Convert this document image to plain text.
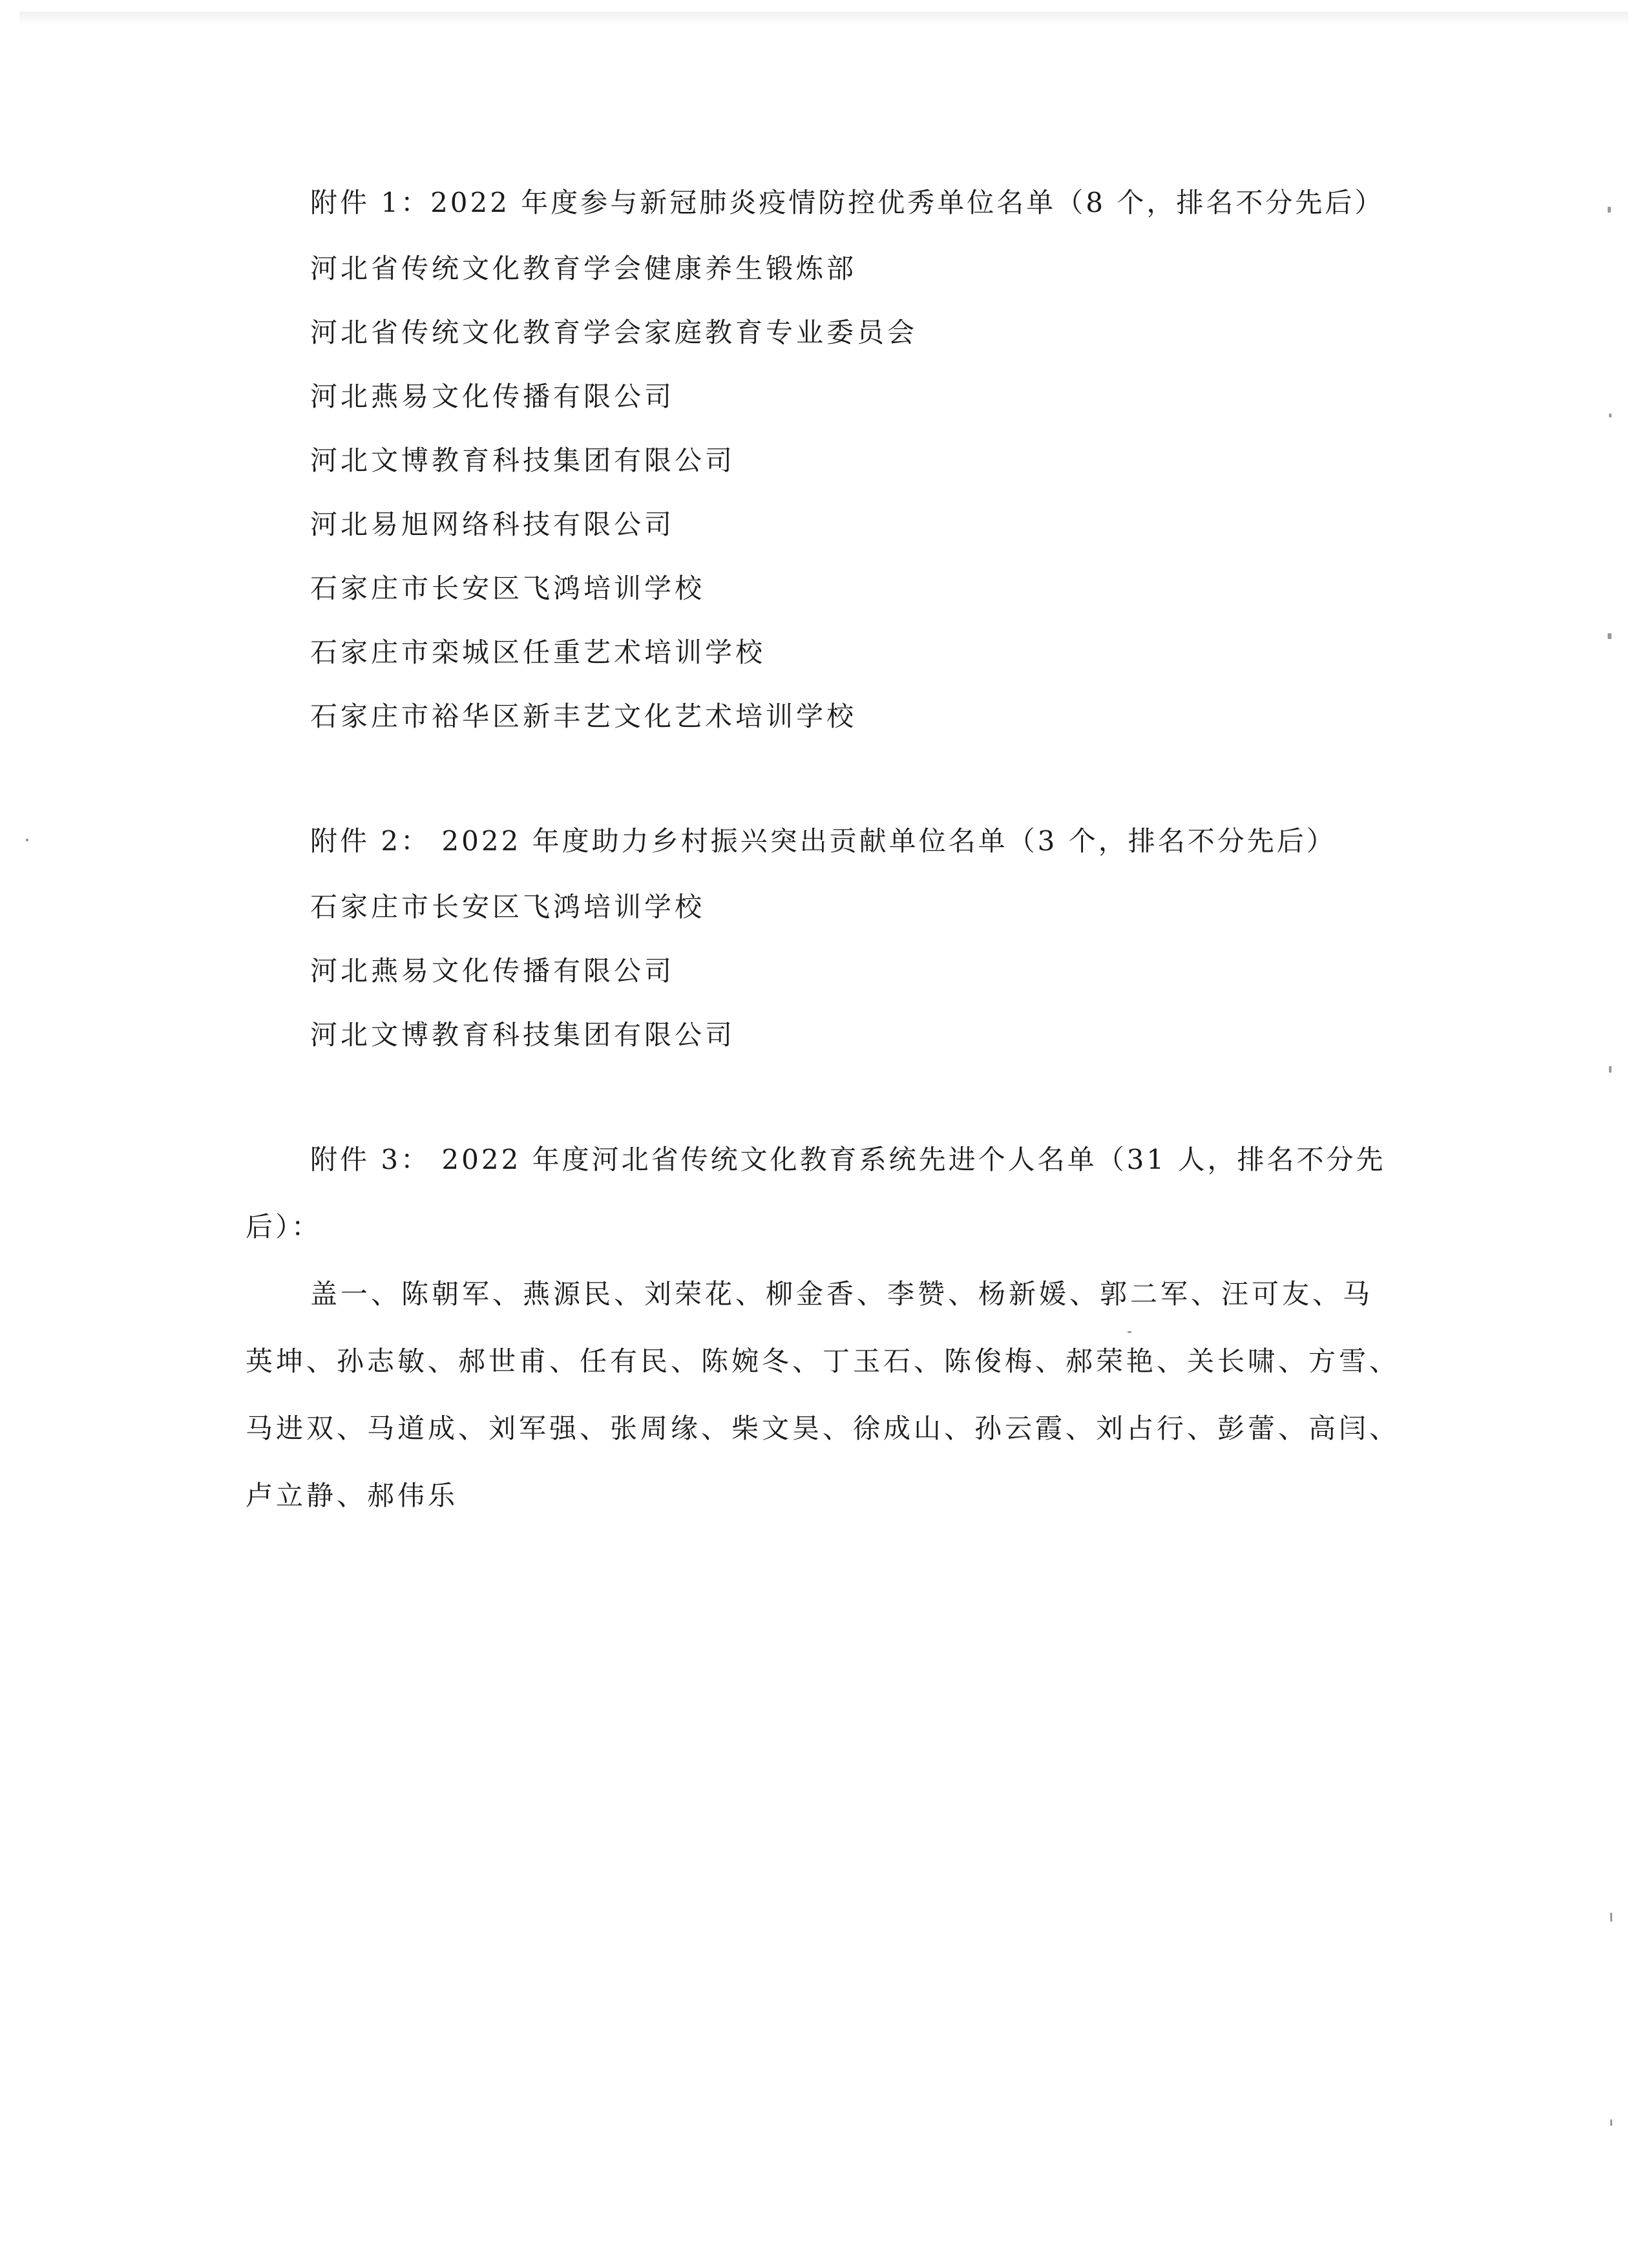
附件 1：2022 年度参与新冠肺炎疫情防控优秀单位名单（8 个，排名不分先后）

河北省传统文化教育学会健康养生锻炼部
河北省传统文化教育学会家庭教育专业委员会
河北燕易文化传播有限公司
河北文博教育科技集团有限公司
河北易旭网络科技有限公司
石家庄市长安区飞鸿培训学校
石家庄市栾城区任重艺术培训学校
石家庄市裕华区新丰艺文化艺术培训学校

附件 2： 2022 年度助力乡村振兴突出贡献单位名单（3 个，排名不分先后）

石家庄市长安区飞鸿培训学校
河北燕易文化传播有限公司
河北文博教育科技集团有限公司

附件 3： 2022 年度河北省传统文化教育系统先进个人名单（31 人，排名不分先后）：

盖一、陈朝军、燕源民、刘荣花、柳金香、李赞、杨新媛、郭二军、汪可友、马英坤、孙志敏、郝世甫、任有民、陈婉冬、丁玉石、陈俊梅、郝荣艳、关长啸、方雪、马进双、马道成、刘军强、张周缘、柴文昊、徐成山、孙云霞、刘占行、彭蕾、高闫、卢立静、郝伟乐
